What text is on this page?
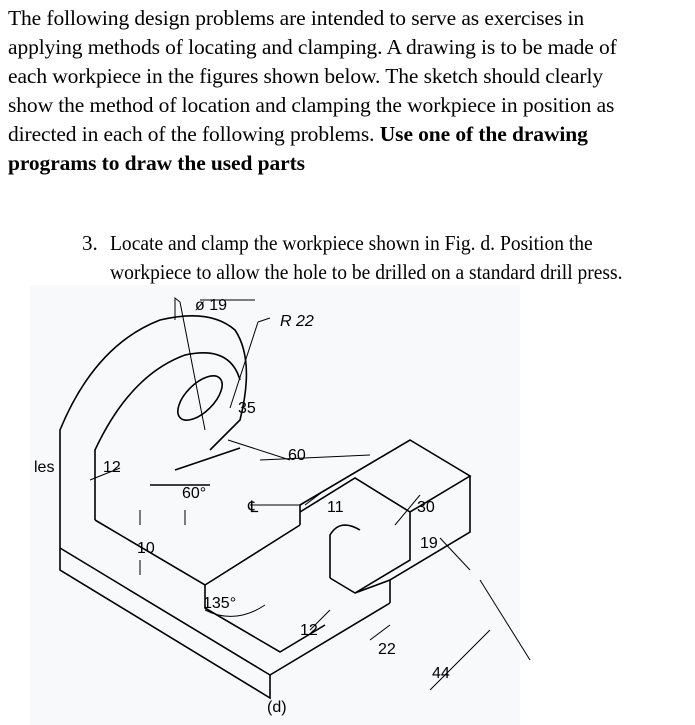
The following design problems are intended to serve as exercises in
applying methods of locating and clamping. A drawing is to be made of
each workpiece in the figures shown below. The sketch should clearly
show the method of location and clamping the workpiece in position as
directed in each of the following problems. Use one of the drawing
programs to draw the used parts
3. Locate and clamp the workpiece shown in Fig. d. Position the
workpiece to allow the hole to be drilled on a standard drill press.
ø 19
R 22
35
60
12
60°
℄	11	30
19
10
135°
12
22
44
(d)
les
